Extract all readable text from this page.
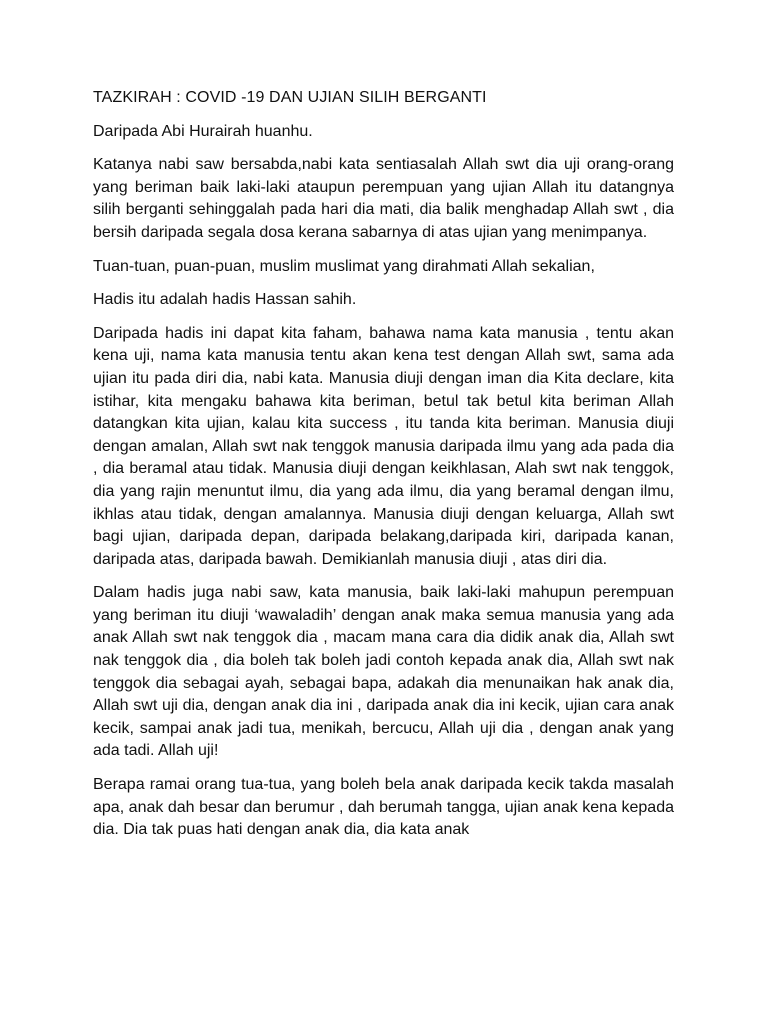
TAZKIRAH : COVID -19 DAN UJIAN SILIH BERGANTI

Daripada Abi Hurairah huanhu.

Katanya nabi saw bersabda,nabi kata sentiasalah Allah swt dia uji orang-orang yang beriman baik laki-laki ataupun perempuan yang ujian Allah itu datangnya silih berganti sehinggalah pada hari dia mati, dia balik menghadap Allah swt , dia bersih daripada segala dosa kerana sabarnya di atas ujian yang menimpanya.

Tuan-tuan, puan-puan, muslim muslimat yang dirahmati Allah sekalian,

Hadis itu adalah hadis Hassan sahih.

Daripada hadis ini dapat kita faham, bahawa nama kata manusia , tentu akan kena uji, nama kata manusia tentu akan kena test dengan Allah swt, sama ada ujian itu pada diri dia, nabi kata. Manusia diuji dengan iman dia Kita declare, kita istihar, kita mengaku bahawa kita beriman, betul tak betul kita beriman Allah datangkan kita ujian, kalau kita success , itu tanda kita beriman. Manusia diuji dengan amalan, Allah swt nak tenggok manusia daripada ilmu yang ada pada dia , dia beramal atau tidak. Manusia diuji dengan keikhlasan, Alah swt nak tenggok, dia yang rajin menuntut ilmu, dia yang ada ilmu, dia yang beramal dengan ilmu, ikhlas atau tidak, dengan amalannya. Manusia diuji dengan keluarga, Allah swt bagi ujian, daripada depan, daripada belakang,daripada kiri, daripada kanan, daripada atas, daripada bawah. Demikianlah manusia diuji , atas diri dia.

Dalam hadis juga nabi saw, kata manusia, baik laki-laki mahupun perempuan yang beriman itu diuji ‘wawaladih’ dengan anak maka semua manusia yang ada anak Allah swt nak tenggok dia , macam mana cara dia didik anak dia, Allah swt nak tenggok dia , dia boleh tak boleh jadi contoh kepada anak dia, Allah swt nak tenggok dia sebagai ayah, sebagai bapa, adakah dia menunaikan hak anak dia, Allah swt uji dia, dengan anak dia ini , daripada anak dia ini kecik, ujian cara anak kecik, sampai anak jadi tua, menikah, bercucu, Allah uji dia , dengan anak yang ada tadi. Allah uji!

Berapa ramai orang tua-tua, yang boleh bela anak daripada kecik takda masalah apa, anak dah besar dan berumur , dah berumah tangga, ujian anak kena kepada dia. Dia tak puas hati dengan anak dia, dia kata anak
